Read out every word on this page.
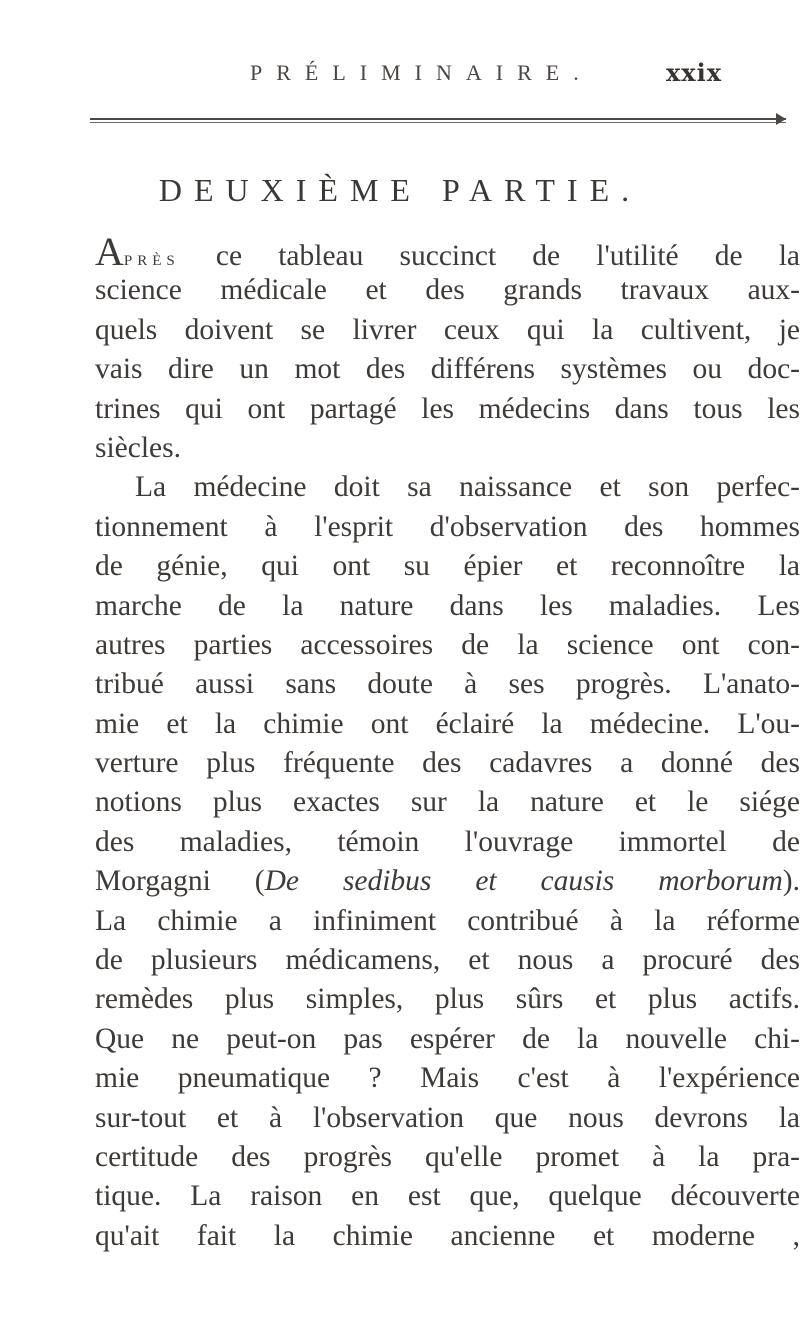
PRÉLIMINAIRE.	xxix
DEUXIÈME PARTIE.
Après ce tableau succinct de l'utilité de la
science médicale et des grands travaux aux-
quels doivent se livrer ceux qui la cultivent, je
vais dire un mot des différens systèmes ou doc-
trines qui ont partagé les médecins dans tous les
siècles.
La médecine doit sa naissance et son perfec-
tionnement à l'esprit d'observation des hommes
de génie, qui ont su épier et reconnoître la
marche de la nature dans les maladies. Les
autres parties accessoires de la science ont con-
tribué aussi sans doute à ses progrès. L'anato-
mie et la chimie ont éclairé la médecine. L'ou-
verture plus fréquente des cadavres a donné des
notions plus exactes sur la nature et le siége
des maladies, témoin l'ouvrage immortel de
Morgagni (De sedibus et causis morborum).
La chimie a infiniment contribué à la réforme
de plusieurs médicamens, et nous a procuré des
remèdes plus simples, plus sûrs et plus actifs.
Que ne peut-on pas espérer de la nouvelle chi-
mie pneumatique ? Mais c'est à l'expérience
sur-tout et à l'observation que nous devrons la
certitude des progrès qu'elle promet à la pra-
tique. La raison en est que, quelque découverte
qu'ait fait la chimie ancienne et moderne ,
